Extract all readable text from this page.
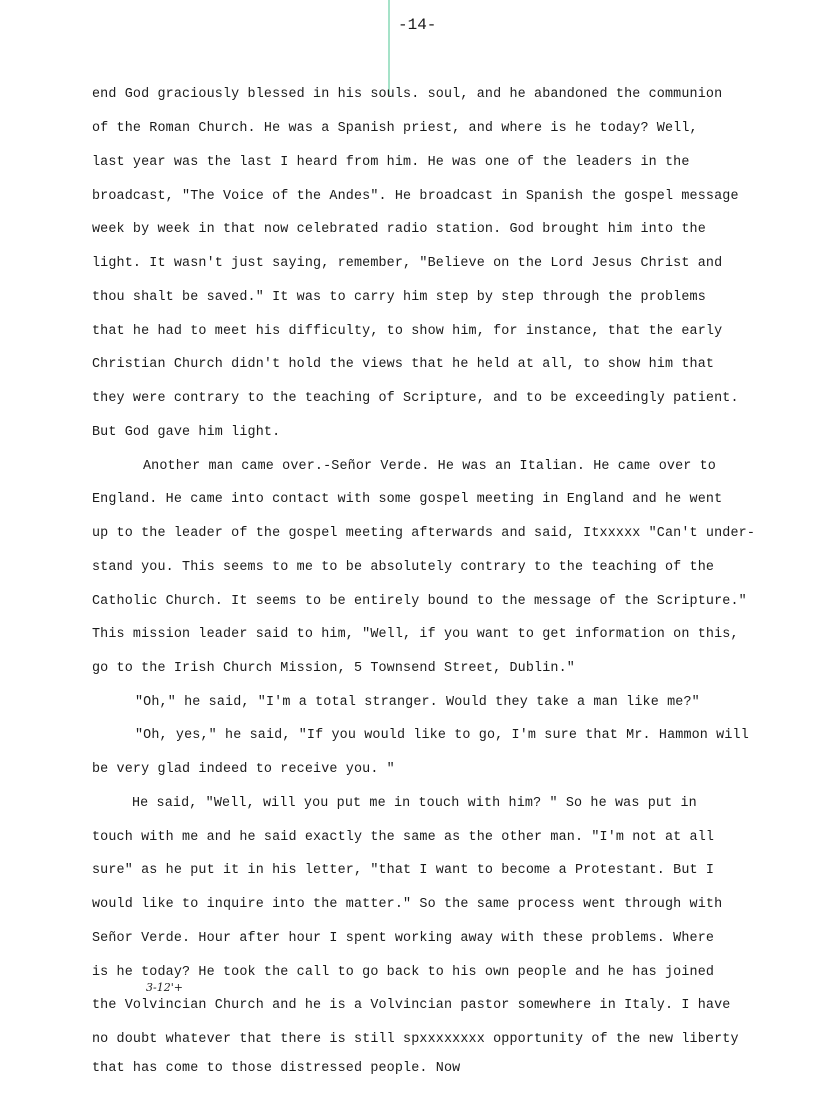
-14-
end God graciously blessed in his souls. soul, and he abandoned the communion
of the Roman Church. He was a Spanish priest, and where is he today? Well,
last year was the last I heard from him. He was one of the leaders in the
broadcast, "The Voice of the Andes". He broadcast in Spanish the gospel message
week by week in that now celebrated radio station. God brought him into the
light. It wasn't just saying, remember, "Believe on the Lord Jesus Christ and
thou shalt be saved." It was to carry him step by step through the problems
that he had to meet his difficulty, to show him, for instance, that the early
Christian Church didn't hold the views that he held at all, to show him that
they were contrary to the teaching of Scripture, and to be exceedingly patient.
But God gave him light.
Another man came over.-Señor Verde. He was an Italian. He came over to
England. He came into contact with some gospel meeting in England and he went
up to the leader of the gospel meeting afterwards and said, Itxxxxx "Can't under-
stand you. This seems to me to be absolutely contrary to the teaching of the
Catholic Church. It seems to be entirely bound to the message of the Scripture."
This mission leader said to him, "Well, if you want to get information on this,
go to the Irish Church Mission, 5 Townsend Street, Dublin."
"Oh," he said, "I'm a total stranger. Would they take a man like me?"
"Oh, yes," he said, "If you would like to go, I'm sure that Mr. Hammon will
be very glad indeed to receive you. "
He said, "Well, will you put me in touch with him? " So he was put in
touch with me and he said exactly the same as the other man. "I'm not at all
sure" as he put it in his letter, "that I want to become a Protestant. But I
would like to inquire into the matter." So the same process went through with
Señor Verde. Hour after hour I spent working away with these problems. Where
is he today? He took the call to go back to his own people and he has joined
3-12'+
the Volvincian Church and he is a Volvincian pastor somewhere in Italy. I have
no doubt whatever that there is still spxxxxxxxx opportunity of the new liberty
that has come to those distressed people. Now
